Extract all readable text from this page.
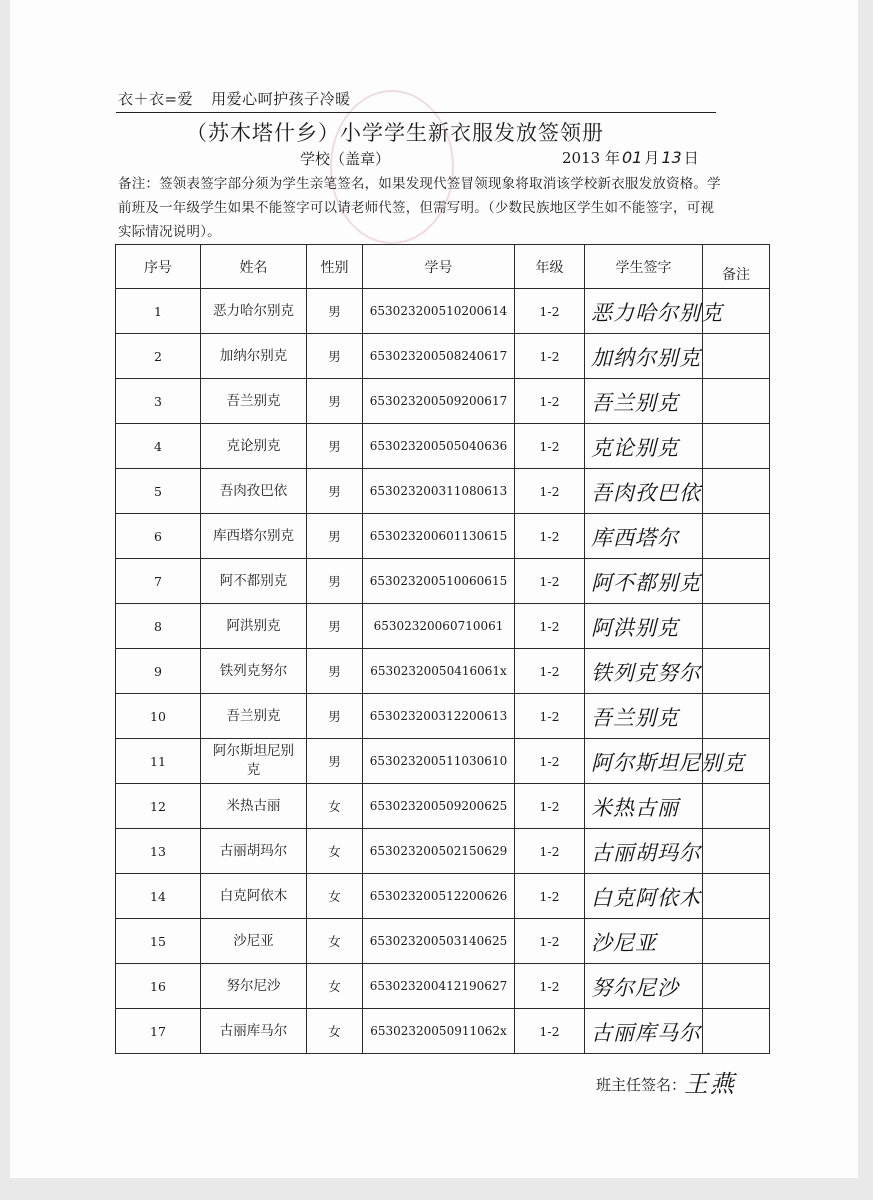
衣＋衣=爱 用爱心呵护孩子冷暖
（苏木塔什乡）小学学生新衣服发放签领册
学校（盖章）	2013 年 01 月 13 日
备注：签领表签字部分须为学生亲笔签名，如果发现代签冒领现象将取消该学校新衣服发放资格。学前班及一年级学生如果不能签字可以请老师代签，但需写明。（少数民族地区学生如不能签字，可视实际情况说明）。
序号	姓名	性别	学号	年级	学生签字	备注
1	恶力哈尔别克	男	653023200510200614	1-2	恶力哈尔别克	

2	加纳尔别克	男	653023200508240617	1-2	加纳尔别克	

3	吾兰别克	男	653023200509200617	1-2	吾兰别克	

4	克论别克	男	653023200505040636	1-2	克论别克	

5	吾肉孜巴依	男	653023200311080613	1-2	吾肉孜巴依	

6	库西塔尔别克	男	653023200601130615	1-2	库西塔尔	

7	阿不都别克	男	653023200510060615	1-2	阿不都别克	

8	阿洪别克	男	65302320060710061	1-2	阿洪别克	

9	铁列克努尔	男	65302320050416061x	1-2	铁列克努尔	

10	吾兰别克	男	653023200312200613	1-2	吾兰别克	

11	阿尔斯坦尼别克	男	653023200511030610	1-2	阿尔斯坦尼别克	

12	米热古丽	女	653023200509200625	1-2	米热古丽	

13	古丽胡玛尔	女	653023200502150629	1-2	古丽胡玛尔	

14	白克阿依木	女	653023200512200626	1-2	白克阿依木	

15	沙尼亚	女	653023200503140625	1-2	沙尼亚	

16	努尔尼沙	女	653023200412190627	1-2	努尔尼沙	

17	古丽库马尔	女	65302320050911062x	1-2	古丽库马尔	

班主任签名：
王燕
